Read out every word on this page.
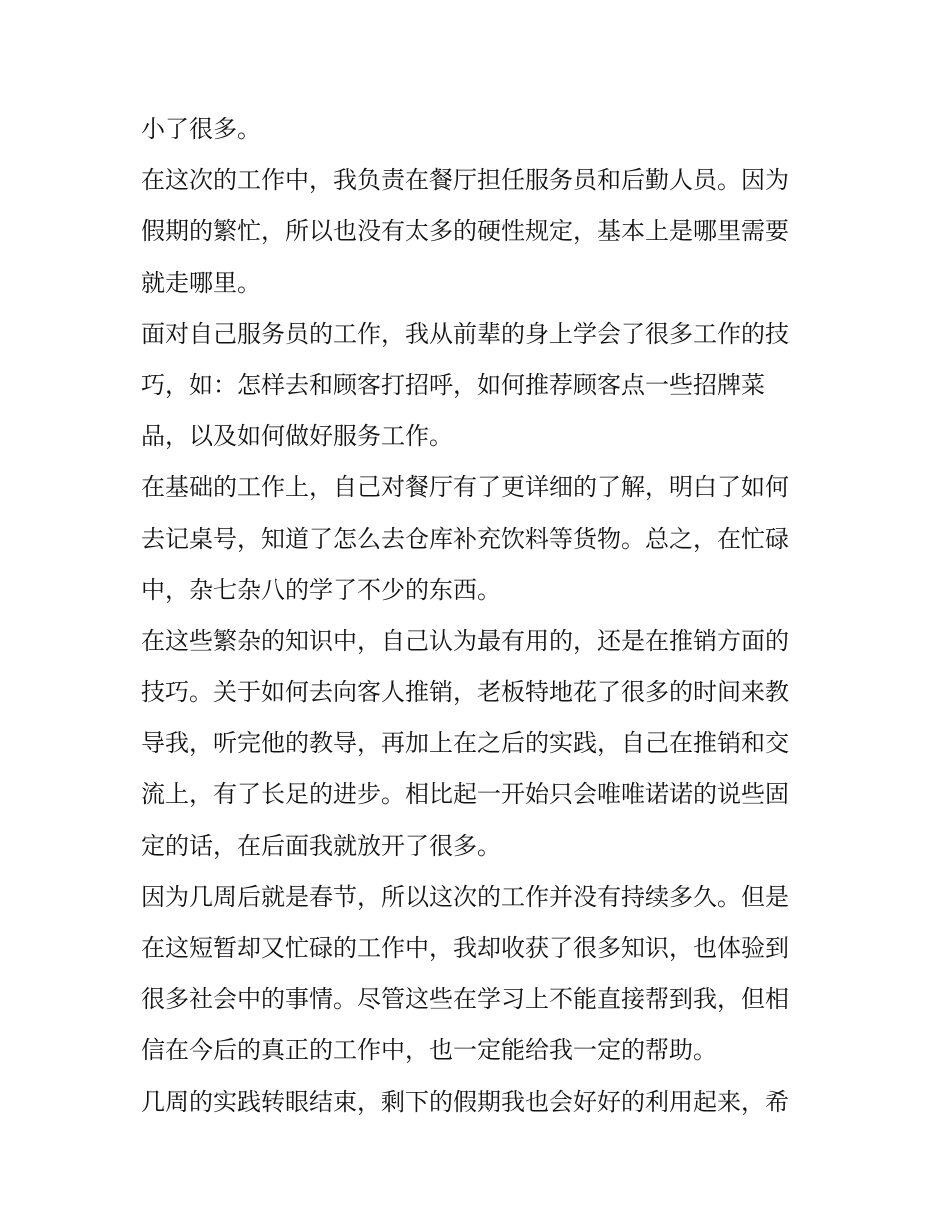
小了很多。
在这次的工作中，我负责在餐厅担任服务员和后勤人员。因为
假期的繁忙，所以也没有太多的硬性规定，基本上是哪里需要
就走哪里。
面对自己服务员的工作，我从前辈的身上学会了很多工作的技
巧，如：怎样去和顾客打招呼，如何推荐顾客点一些招牌菜
品，以及如何做好服务工作。
在基础的工作上，自己对餐厅有了更详细的了解，明白了如何
去记桌号，知道了怎么去仓库补充饮料等货物。总之，在忙碌
中，杂七杂八的学了不少的东西。
在这些繁杂的知识中，自己认为最有用的，还是在推销方面的
技巧。关于如何去向客人推销，老板特地花了很多的时间来教
导我，听完他的教导，再加上在之后的实践，自己在推销和交
流上，有了长足的进步。相比起一开始只会唯唯诺诺的说些固
定的话，在后面我就放开了很多。
因为几周后就是春节，所以这次的工作并没有持续多久。但是
在这短暂却又忙碌的工作中，我却收获了很多知识，也体验到
很多社会中的事情。尽管这些在学习上不能直接帮到我，但相
信在今后的真正的工作中，也一定能给我一定的帮助。
几周的实践转眼结束，剩下的假期我也会好好的利用起来，希
